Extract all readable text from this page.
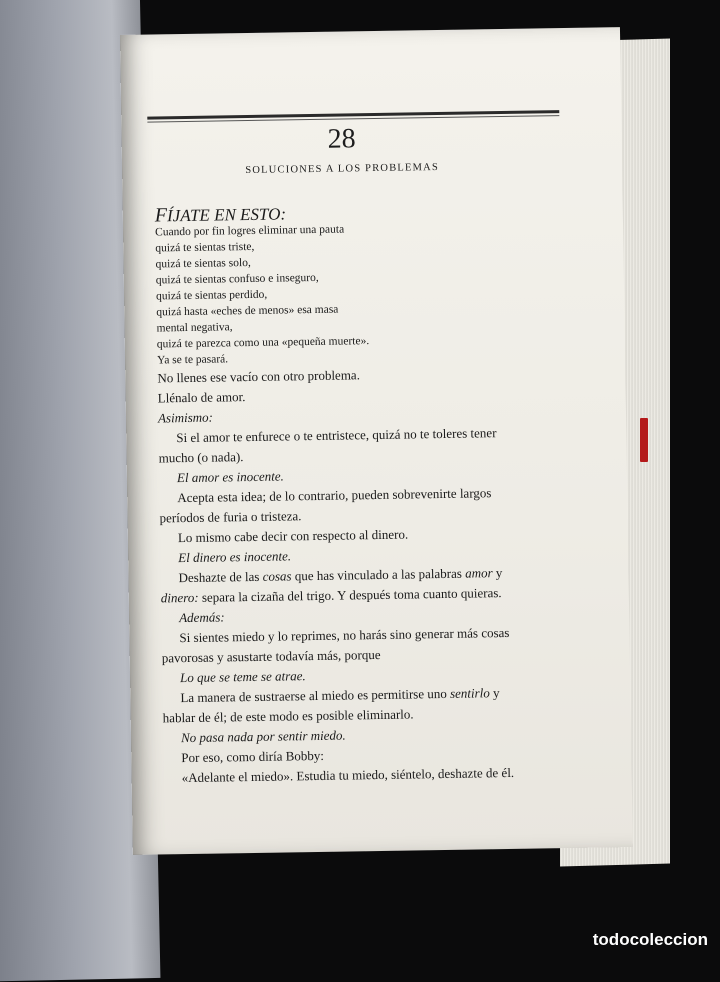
28
SOLUCIONES A LOS PROBLEMAS

FÍJATE EN ESTO:

Cuando por fin logres eliminar una pauta

quizá te sientas triste,

quizá te sientas solo,

quizá te sientas confuso e inseguro,

quizá te sientas perdido,

quizá hasta «eches de menos» esa masa

mental negativa,

quizá te parezca como una «pequeña muerte».

Ya se te pasará.

No llenes ese vacío con otro problema.

Llénalo de amor.

Asimismo:

Si el amor te enfurece o te entristece, quizá no te toleres tener

mucho (o nada).

El amor es inocente.

Acepta esta idea; de lo contrario, pueden sobrevenirte largos

períodos de furia o tristeza.

Lo mismo cabe decir con respecto al dinero.

El dinero es inocente.

Deshazte de las cosas que has vinculado a las palabras amor y

dinero: separa la cizaña del trigo. Y después toma cuanto quieras.

Además:

Si sientes miedo y lo reprimes, no harás sino generar más cosas

pavorosas y asustarte todavía más, porque

Lo que se teme se atrae.

La manera de sustraerse al miedo es permitirse uno sentirlo y

hablar de él; de este modo es posible eliminarlo.

No pasa nada por sentir miedo.

Por eso, como diría Bobby:

«Adelante el miedo». Estudia tu miedo, siéntelo, deshazte de él.

todocoleccion
